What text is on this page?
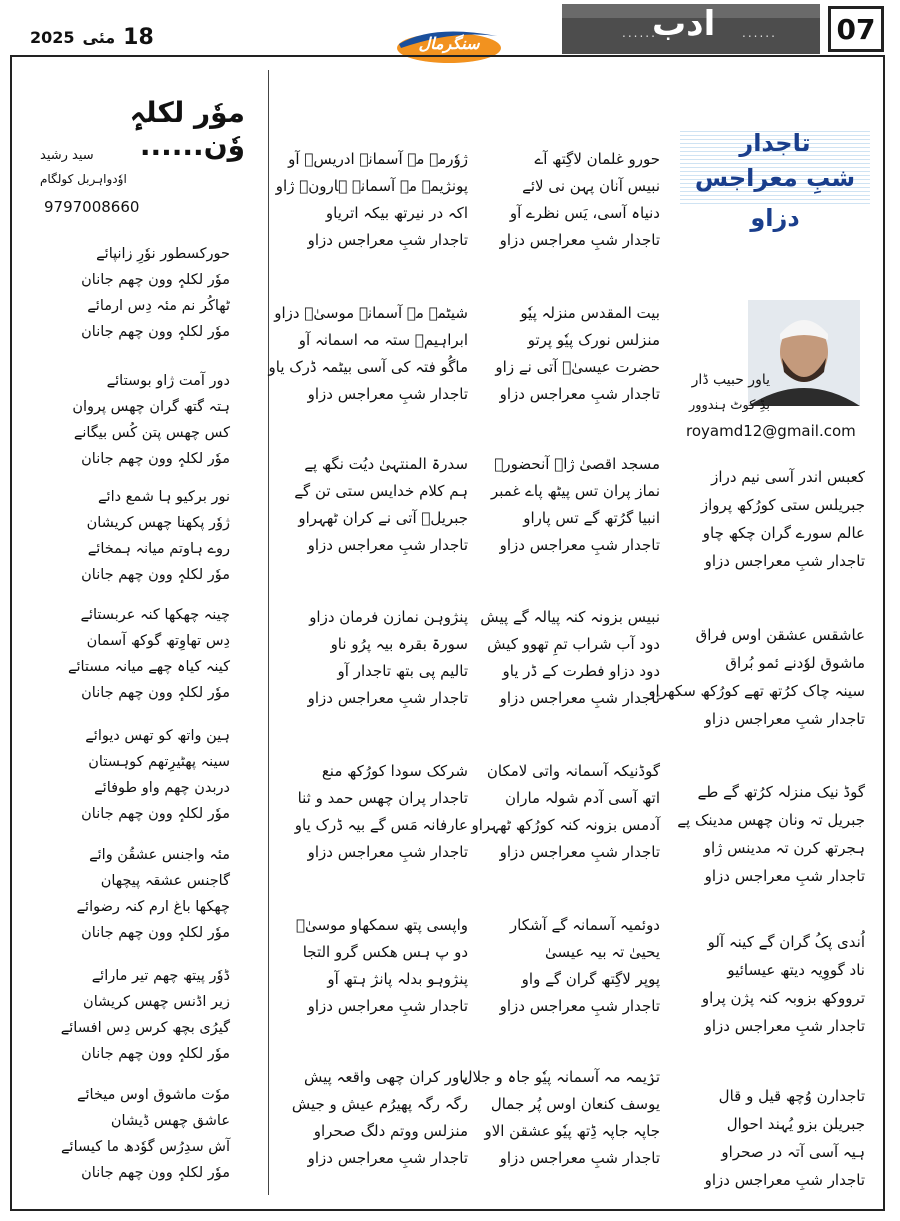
2025 مئی 18	سنگرمال
......
ادب ...... 07
تاجدار
شبِ معراجس دزاو
یاور حبیب ڈار
بڈِ کوٹ ہندوور
royamd12@gmail.com
کعبس اندر آسی نیم دراز
جبریلس ستی کورُکھ پرواز
عالم سورے گران چکھ چاو
تاجدار شبِ معراجس دزاو
عاشقس عشقن اوس فراق
ماشوق لوٗدنے ئمو بُراق
سینہ چاک کرُتھ تھے کورُکھ سکھراو
تاجدار شبِ معراجس دزاو
گوڈ نیک منزلہ کرُتھ گے طے
جبریل تہ ونان چھس مدینک پے
ہجرتھ کرن تہ مدینس ژاو
تاجدار شبِ معراجس دزاو
اُندی پکُ گران گے کینہ آلو
ناد گووِیہ دیتھ عیسائیو
ترووکھ بزوبہ کنہ پژن پراو
تاجدار شبِ معراجس دزاو
تاجدارن وُچھ قیل و قال
جبریلن بزو یُہند احوال
ہیہ آسی آتہ در صحراو
تاجدار شبِ معراجس دزاو
حورو غلمان لاگِتھ آے
نبیس آنان پہن نی لائے
دنیاہ آسی، یَس نظرے آو
تاجدار شبِ معراجس دزاو
بیت المقدس منزلہ پیٗو
منزلس نورک پیٗو پرتو
حضرت عیسیٰؑ آتی نے زاو
تاجدار شبِ معراجس دزاو
مسجد اقصیٰ ژاے آنحضورؐ
نماز پران تس پیٹھ پاے غمبر
انبیا گرُتھ گے تس پاراو
تاجدار شبِ معراجس دزاو
نبیس بزونہ کنہ پیالہ گے پیش
دود آب شراب تمِ تھوو کیش
دود دزاو فطرت کے ڈر یاو
تاجدار شبِ معراجس دزاو
گوڈنیکہ آسمانہ واتی لامکان
اتھ آسی آدم شولہ ماران
آدمس بزونہ کنہ کورُکھ ٹھہراو
تاجدار شبِ معراجس دزاو
دوئمیہ آسمانہ گے آشکار
یحییٰ تہ بیہ عیسیٰ
پوپر لاگِتھ گران گے واو
تاجدار شبِ معراجس دزاو
ترٛیمہ مہ آسمانہ پیٗو جاہ و جلال
یوسف کنعان اوس پُر جمال
جاپہ جاپہ ڈِتھ پیٗو عشقن الاو
تاجدار شبِ معراجس دزاو
ژوٗرمہ مہ آسمانہ ادریسؑ آو
پونژیمہ مہ آسمانہ ہارونؑ ژاو
اکہ در نیرتھ بیکہ اتریاو
تاجدار شبِ معراجس دزاو
شیٹمہ مہ آسمانہ موسیٰؑ دزاو
ابراہیمؑ ستہ مہ اسمانہ آو
ماگُو فتہ کی آسی بیٹمہ ڈرک یاو
تاجدار شبِ معراجس دزاو
سدرۃ المنتہیٰ دیُت نگھ پے
ہم کلام خدایس ستی تن گے
جبریلؑ آتی نے کران ٹھہراو
تاجدار شبِ معراجس دزاو
پنژوہن نمازن فرمان دزاو
سورۃ بقرہ بیہ پرُو ناو
تالیم پی بتھ تاجدار آو
تاجدار شبِ معراجس دزاو
شرکک سودا کورُکھ منع
تاجدار پران چھس حمد و ثنا
عارفانہ مَس گے بیہ ڈرک یاو
تاجدار شبِ معراجس دزاو
واپسی پتھ سمکھاو موسیٰؑ
دو پ ہس ھکس گرو التجا
پنژوہو بدلہ پانژ ہتھ آو
تاجدار شبِ معراجس دزاو
یاور کران چھی واقعہ پیش
رگہ رگہ پھیرُم عیش و جیش
منزلس ووتم دلگ صحراو
تاجدار شبِ معراجس دزاو
موٗر لکلہٕ وٗن......
سید رشید
اوٗدواہربل کولگام
9797008660
حورکسطور نوٗرِ زانپائے
موٗر لکلہٕ وون چھم جانان
ٹھاکُر نم مئہ دِس ارمائے
موٗر لکلہٕ وون چھم جانان
دور آمت ژاو بوستائے
ہتہ گتھ گران چھس پروان
کس چھس پتن کُس بیگانے
موٗر لکلہٕ وون چھم جانان
نور برکیو ہا شمع دائے
ژوٗر پکھنا چھس کریشان
روے ہاوتم میانہ ہمخائے
موٗر لکلہٕ وون چھم جانان
چینہ چھکھا کنہ عربستائے
دِس تھاوِتھ گوکھ آسمان
کینہ کیاہ چھے میانہ مستائے
موٗر لکلہٕ وون چھم جانان
ہین واتھ کو تھس دیوائے
سینہ پھٹیرِتھم کوہستان
دربدن چھم واو طوفائے
موٗر لکلہٕ وون چھم جانان
مئہ واجنس عشقُن وائے
گاجنس عشقہ پیچھان
چھکھا باغ ارم کنہ رضوائے
موٗر لکلہٕ وون چھم جانان
ڈوٗر پیتھ چھم تیر مارائے
زیر اڈنس چھس کریشان
گیرُی بچھ کرس دِس افسائے
موٗر لکلہٕ وون چھم جانان
موٗت ماشوق اوس میخائے
عاشق چھس ڈیشان
آش سدِرُس گوٗدھ ما کیسائے
موٗر لکلہٕ وون چھم جانان
